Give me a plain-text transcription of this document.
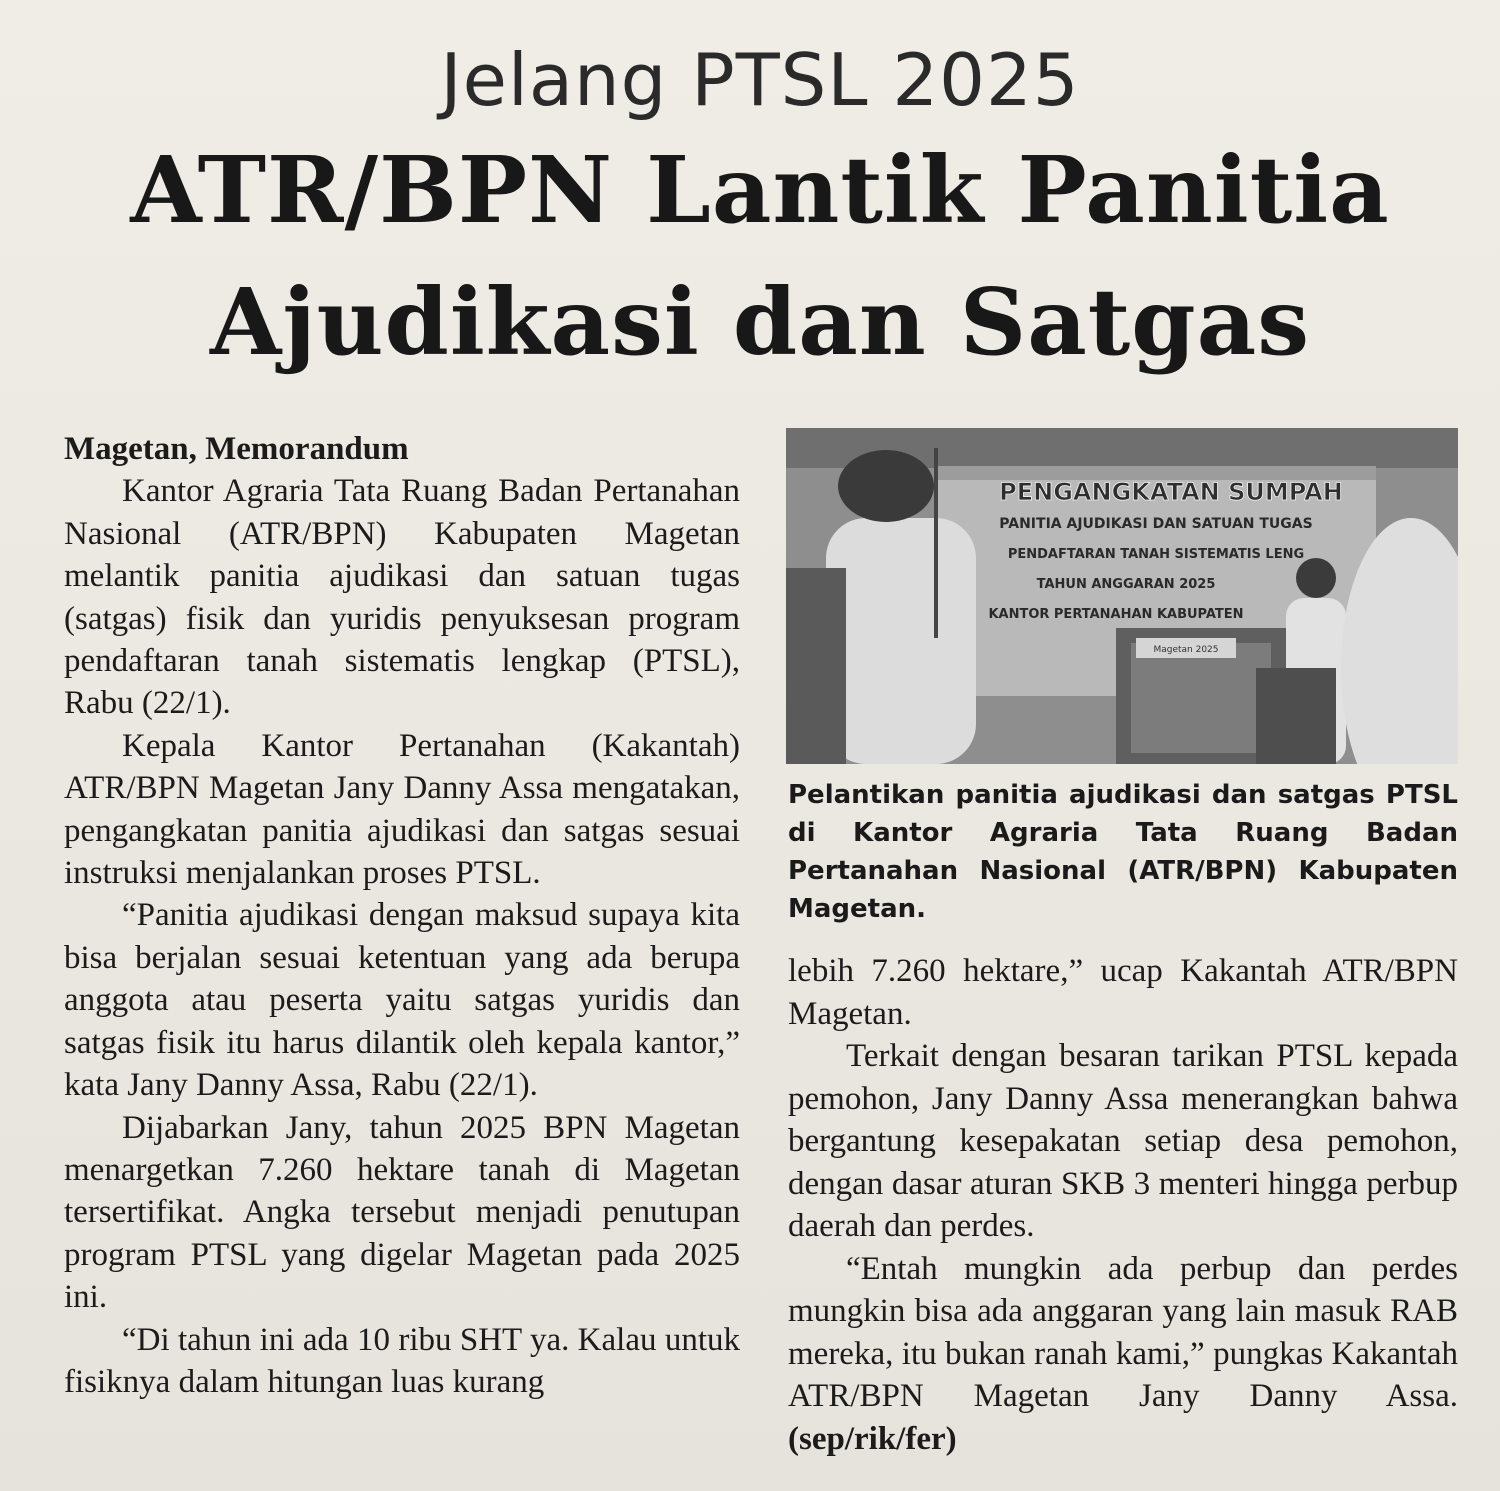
Jelang PTSL 2025
ATR/BPN Lantik Panitia
Ajudikasi dan Satgas
Magetan, Memorandum

Kantor Agraria Tata Ruang Badan Pertanahan Nasional (ATR/BPN) Kabupaten Magetan melantik panitia ajudikasi dan satuan tugas (satgas) fisik dan yuridis penyuksesan program pendaftaran tanah sistematis lengkap (PTSL), Rabu (22/1).

Kepala Kantor Pertanahan (Kakantah) ATR/BPN Magetan Jany Danny Assa mengatakan, pengangkatan panitia ajudikasi dan satgas sesuai instruksi menjalankan proses PTSL.

“Panitia ajudikasi dengan maksud supaya kita bisa berjalan sesuai ketentuan yang ada berupa anggota atau peserta yaitu satgas yuridis dan satgas fisik itu harus dilantik oleh kepala kantor,” kata Jany Danny Assa, Rabu (22/1).

Dijabarkan Jany, tahun 2025 BPN Magetan menargetkan 7.260 hektare tanah di Magetan tersertifikat. Angka tersebut menjadi penutupan program PTSL yang digelar Magetan pada 2025 ini.

“Di tahun ini ada 10 ribu SHT ya. Kalau untuk fisiknya dalam hitungan luas kurang

PENGANGKATAN SUMPAH
PANITIA AJUDIKASI DAN SATUAN TUGAS
PENDAFTARAN TANAH SISTEMATIS LENG
TAHUN ANGGARAN 2025
KANTOR PERTANAHAN KABUPATEN
Magetan 2025
Pelantikan panitia ajudikasi dan satgas PTSL di Kantor Agraria Tata Ruang Badan Pertanahan Nasional (ATR/BPN) Kabupaten Magetan.

lebih 7.260 hektare,” ucap Kakantah ATR/BPN Magetan.

Terkait dengan besaran tarikan PTSL kepada pemohon, Jany Danny Assa menerangkan bahwa bergantung kesepakatan setiap desa pemohon, dengan dasar aturan SKB 3 menteri hingga perbup daerah dan perdes.

“Entah mungkin ada perbup dan perdes mungkin bisa ada anggaran yang lain masuk RAB mereka, itu bukan ranah kami,” pungkas Kakantah ATR/BPN Magetan Jany Danny Assa. (sep/rik/fer)
